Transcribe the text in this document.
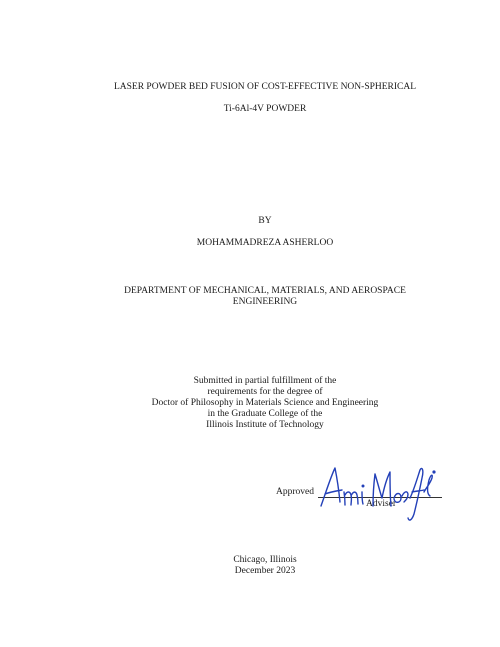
LASER POWDER BED FUSION OF COST-EFFECTIVE NON-SPHERICAL
Ti-6Al-4V POWDER
BY
MOHAMMADREZA ASHERLOO
DEPARTMENT OF MECHANICAL, MATERIALS, AND AEROSPACE
ENGINEERING
Submitted in partial fulfillment of the
requirements for the degree of
Doctor of Philosophy in Materials Science and Engineering
in the Graduate College of the
Illinois Institute of Technology
Approved
Adviser
Chicago, Illinois
December 2023
